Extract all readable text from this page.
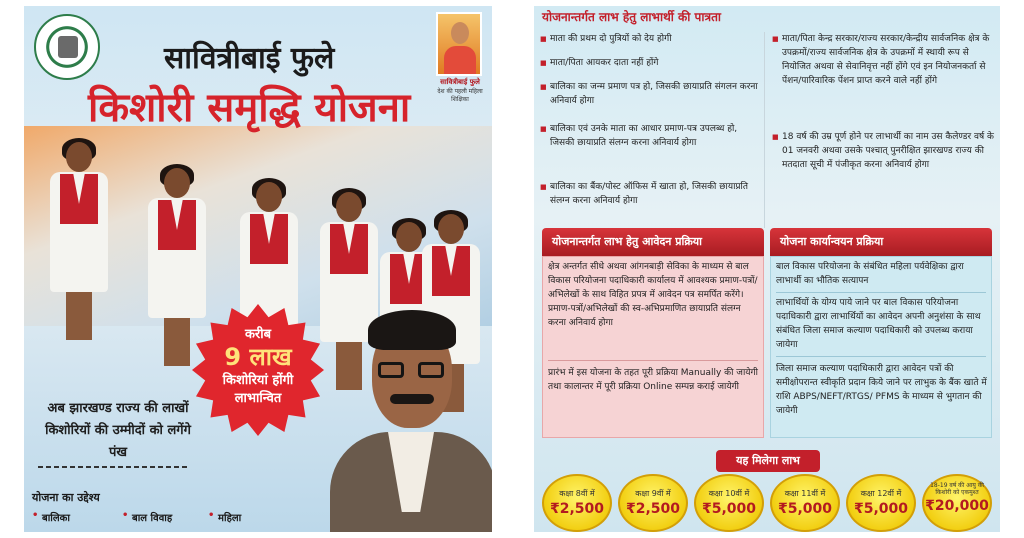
सावित्रीबाई फुले
किशोरी समृद्धि योजना
सावित्रीबाई फुले
देश की पहली महिला शिक्षिका
करीब
9 लाख
किशोरियां होंगी
लाभान्वित
अब झारखण्ड राज्य की लाखों किशोरियों की उम्मीदों को लगेंगे पंख
योजना का उद्देश्य
• बालिका	• बाल विवाह	• महिला
योजनान्तर्गत लाभ हेतु लाभार्थी की पात्रता
■ माता की प्रथम दो पुत्रियों को देय होगी
■ माता/पिता आयकर दाता नहीं होंगे
■ बालिका का जन्म प्रमाण पत्र हो, जिसकी छायाप्रति संगलन करना अनिवार्य होगा
■ बालिका एवं उनके माता का आधार प्रमाण-पत्र उपलब्ध हो, जिसकी छायाप्रति संलग्न करना अनिवार्य होगा
■ बालिका का बैंक/पोस्ट ऑफिस में खाता हो, जिसकी छायाप्रति संलग्न करना अनिवार्य होगा
■ माता/पिता केन्द्र सरकार/राज्य सरकार/केन्द्रीय सार्वजनिक क्षेत्र के उपक्रमों/राज्य सार्वजनिक क्षेत्र के उपक्रमों में स्थायी रूप से नियोजित अथवा से सेवानिवृत्त नहीं होंगे एवं इन नियोजनकर्ता से पेंशन/पारिवारिक पेंशन प्राप्त करने वाले नहीं होंगे
■ 18 वर्ष की उम्र पूर्ण होने पर लाभार्थी का नाम उस कैलेण्डर वर्ष के 01 जनवरी अथवा उसके पश्चात् पुनरीक्षित झारखण्ड राज्य की मतदाता सूची में पंजीकृत करना अनिवार्य होगा
योजनान्तर्गत लाभ हेतु आवेदन प्रक्रिया
क्षेत्र अन्तर्गत सीधे अथवा आंगनबाड़ी सेविका के माध्यम से बाल विकास परियोजना पदाधिकारी कार्यालय में आवश्यक प्रमाण-पत्रों/अभिलेखों के साथ विहित प्रपत्र में आवेदन पत्र समर्पित करेंगे। प्रमाण-पत्रों/अभिलेखों की स्व-अभिप्रमाणित छायाप्रति संलग्न करना अनिवार्य होगा
प्रारंभ में इस योजना के तहत पूरी प्रक्रिया Manually की जायेगी तथा कालान्तर में पूरी प्रक्रिया Online सम्पन्न कराई जायेगी
योजना कार्यान्वयन प्रक्रिया
बाल विकास परियोजना के संबंधित महिला पर्यवेक्षिका द्वारा लाभार्थी का भौतिक सत्यापन
लाभार्थियों के योग्य पाये जाने पर बाल विकास परियोजना पदाधिकारी द्वारा लाभार्थियों का आवेदन अपनी अनुशंसा के साथ संबंधित जिला समाज कल्याण पदाधिकारी को उपलब्ध कराया जायेगा
जिला समाज कल्याण पदाधिकारी द्वारा आवेदन पत्रों की समीक्षोपरान्त स्वीकृति प्रदान किये जाने पर लाभुक के बैंक खाते में राशि ABPS/NEFT/RTGS/ PFMS के माध्यम से भुगतान की जायेगी
यह मिलेगा लाभ
कक्षा 8वीं में
₹2,500
कक्षा 9वीं में
₹2,500
कक्षा 10वीं में
₹5,000
कक्षा 11वीं में
₹5,000
कक्षा 12वीं में
₹5,000
18-19 वर्ष की आयु की किशोरी को एकमुश्त
₹20,000
